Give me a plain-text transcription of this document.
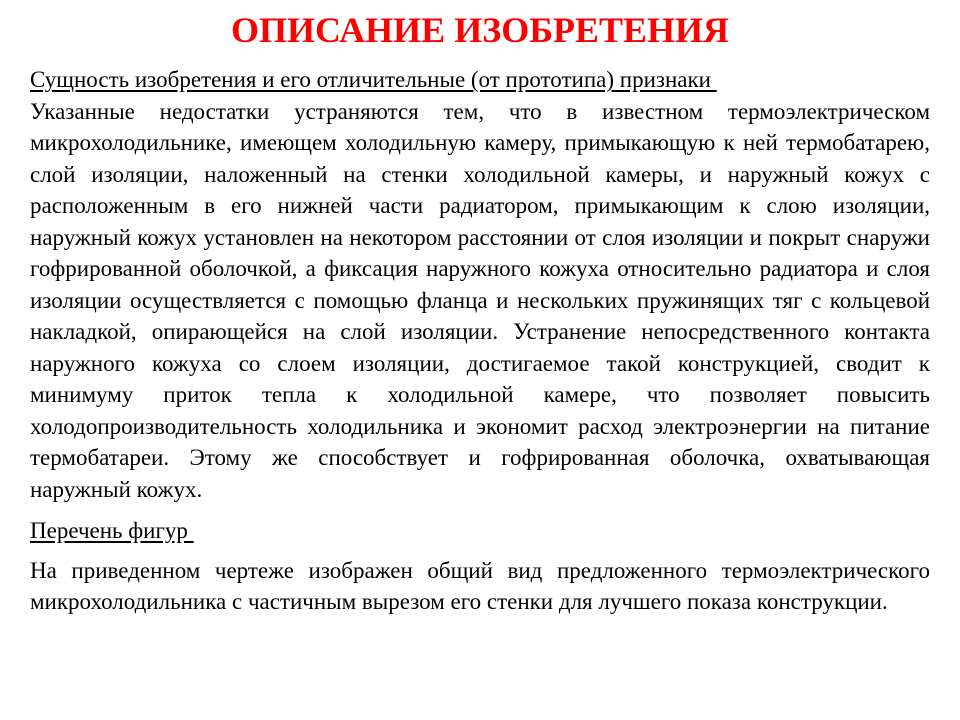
ОПИСАНИЕ ИЗОБРЕТЕНИЯ
Сущность изобретения и его отличительные (от прототипа) признаки

Указанные недостатки устраняются тем, что в известном термоэлектрическом микрохолодильнике, имеющем холодильную камеру, примыкающую к ней термобатарею, слой изоляции, наложенный на стенки холодильной камеры, и наружный кожух с расположенным в его нижней части радиатором, примыкающим к слою изоляции, наружный кожух установлен на некотором расстоянии от слоя изоляции и покрыт снаружи гофрированной оболочкой, а фиксация наружного кожуха относительно радиатора и слоя изоляции осуществляется с помощью фланца и нескольких пружинящих тяг с кольцевой накладкой, опирающейся на слой изоляции. Устранение непосредственного контакта наружного кожуха со слоем изоляции, достигаемое такой конструкцией, сводит к минимуму приток тепла к холодильной камере, что позволяет повысить холодопроизводительность холодильника и экономит расход электроэнергии на питание термобатареи. Этому же способствует и гофрированная оболочка, охватывающая наружный кожух.

Перечень фигур

На приведенном чертеже изображен общий вид предложенного термоэлектрического микрохолодильника с частичным вырезом его стенки для лучшего показа конструкции.
